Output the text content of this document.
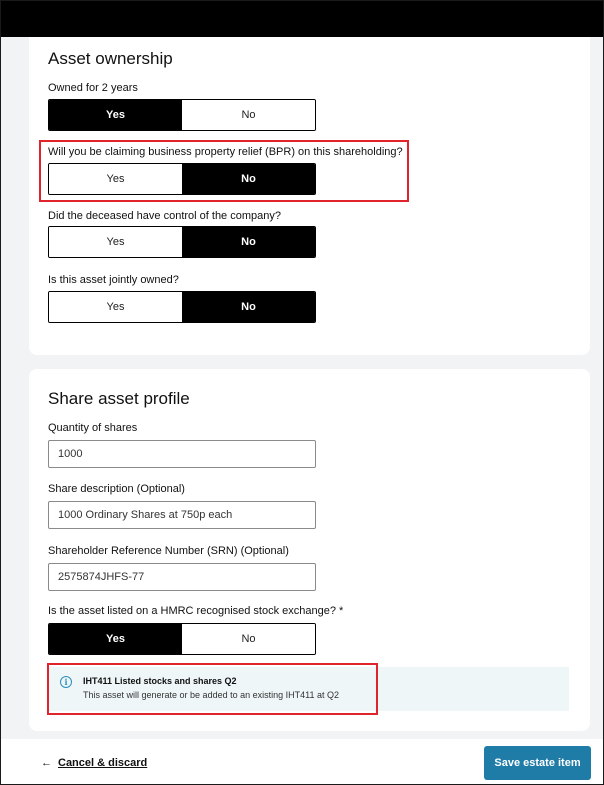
Asset ownership
Owned for 2 years
Yes	No
Will you be claiming business property relief (BPR) on this shareholding?
Yes	No
Did the deceased have control of the company?
Yes	No
Is this asset jointly owned?
Yes	No
Share asset profile
Quantity of shares
1000
Share description (Optional)
1000 Ordinary Shares at 750p each
Shareholder Reference Number (SRN) (Optional)
2575874JHFS-77
Is the asset listed on a HMRC recognised stock exchange? *
Yes	No
i	IHT411 Listed stocks and shares Q2
This asset will generate or be added to an existing IHT411 at Q2
← Cancel & discard	Save estate item
